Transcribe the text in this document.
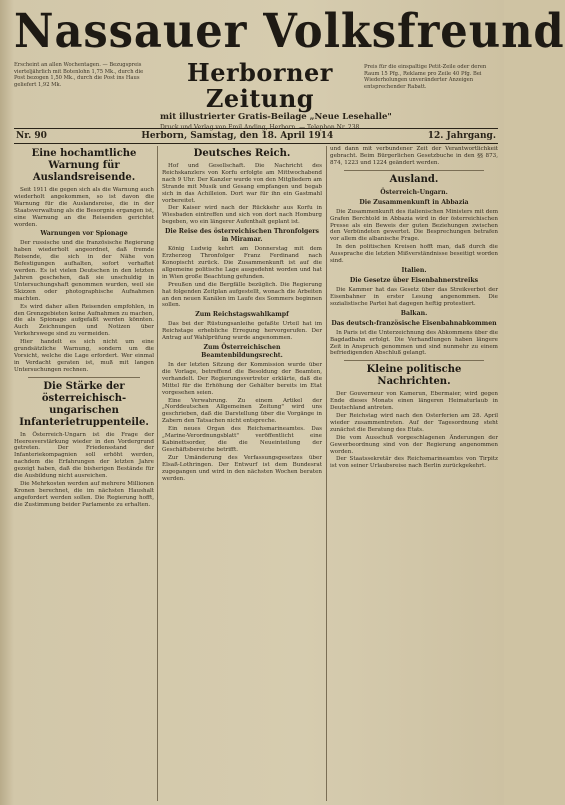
Nassauer Volksfreund
Erscheint an allen Wochentagen. — Bezugspreis vierteljährlich mit Botenlohn 1,75 Mk., durch die Post bezogen 1,50 Mk., durch die Post ins Haus geliefert 1,92 Mk.	Herborner Zeitung
mit illustrierter Gratis-Beilage „Neue Lesehalle"
Druck und Verlag von Emil Anding, Herborn. — Telephon Nr. 238.
Preis für die einspaltige Petit-Zeile oder deren Raum 15 Pfg., Reklame pro Zeile 40 Pfg. Bei Wiederholungen unveränderter Anzeigen entsprechender Rabatt.
Nr. 90	Herborn, Samstag, den 18. April 1914	12. Jahrgang.
Eine hochamtliche Warnung für Auslandsreisende.

Seit 1911 die gegen sich als die Warnung auch wiederholt angekommen, so ist davon die Warnung für die Auslandsreise, die in der Staatsverwaltung als die Besorgnis ergangen ist, eine Warnung an die Reisenden gerichtet worden.

Warnungen vor Spionage

Der russische und die französische Regierung haben wiederholt angeordnet, daß fremde Reisende, die sich in der Nähe von Befestigungen aufhalten, sofort verhaftet werden. Es ist vielen Deutschen in den letzten Jahren geschehen, daß sie unschuldig in Untersuchungshaft genommen wurden, weil sie Skizzen oder photographische Aufnahmen machten.

Es wird daher allen Reisenden empfohlen, in den Grenzgebieten keine Aufnahmen zu machen, die als Spionage aufgefaßt werden könnten. Auch Zeichnungen und Notizen über Verkehrswege sind zu vermeiden.

Hier handelt es sich nicht um eine grundsätzliche Warnung, sondern um die Vorsicht, welche die Lage erfordert. Wer einmal in Verdacht geraten ist, muß mit langen Untersuchungen rechnen.

Die Stärke der österreichisch-ungarischen Infanterietruppenteile.

In Österreich-Ungarn ist die Frage der Heeresverstärkung wieder in den Vordergrund getreten. Der Friedensstand der Infanteriekompagnien soll erhöht werden, nachdem die Erfahrungen der letzten Jahre gezeigt haben, daß die bisherigen Bestände für die Ausbildung nicht ausreichen.

Die Mehrkosten werden auf mehrere Millionen Kronen berechnet, die im nächsten Haushalt angefordert werden sollen. Die Regierung hofft, die Zustimmung beider Parlamente zu erhalten.

Deutsches Reich.

Hof und Gesellschaft. Die Nachricht des Reichskanzlers von Korfu erfolgte am Mittwochabend nach 9 Uhr. Der Kanzler wurde von den Mitgliedern am Strande mit Musik und Gesang empfangen und begab sich in das Achilleion. Dort war für ihn ein Gastmahl vorbereitet.

Der Kaiser wird nach der Rückkehr aus Korfu in Wiesbaden eintreffen und sich von dort nach Homburg begeben, wo ein längerer Aufenthalt geplant ist.

Die Reise des österreichischen Thronfolgers in Miramar.

König Ludwig kehrt am Donnerstag mit dem Erzherzog Thronfolger Franz Ferdinand nach Konopischt zurück. Die Zusammenkunft ist auf die allgemeine politische Lage ausgedehnt worden und hat in Wien große Beachtung gefunden.

Preußen und die Bergfälle bezüglich. Die Regierung hat folgenden Zeitplan aufgestellt, wonach die Arbeiten an den neuen Kanälen im Laufe des Sommers beginnen sollen.

Zum Reichstagswahlkampf

Das bei der Rüstungsanleihe gefaßte Urteil hat im Reichstage erhebliche Erregung hervorgerufen. Der Antrag auf Wahlprüfung wurde angenommen.

Zum Österreichischen Beamtenbildungsrecht.

In der letzten Sitzung der Kommission wurde über die Vorlage, betreffend die Besoldung der Beamten, verhandelt. Der Regierungsvertreter erklärte, daß die Mittel für die Erhöhung der Gehälter bereits im Etat vorgesehen seien.

Eine Verwahrung. Zu einem Artikel der „Norddeutschen Allgemeinen Zeitung" wird uns geschrieben, daß die Darstellung über die Vorgänge in Zabern den Tatsachen nicht entspreche.

Ein neues Organ des Reichsmarineamtes. Das „Marine-Verordnungsblatt" veröffentlicht eine Kabinettsorder, die die Neueinteilung der Geschäftsbereiche betrifft.

Zur Umänderung des Verfassungsgesetzes über Elsaß-Lothringen. Der Entwurf ist dem Bundesrat zugegangen und wird in den nächsten Wochen beraten werden.

und dann mit verbundener Zeit der Verantwortlichkeit gebracht. Beim Bürgerlichen Gesetzbuche in den §§ 873, 874, 1223 und 1224 geändert werden.
Ausland.
Österreich-Ungarn.
Die Zusammenkunft in Abbazia

Die Zusammenkunft des italienischen Ministers mit dem Grafen Berchtold in Abbazia wird in der österreichischen Presse als ein Beweis der guten Beziehungen zwischen den Verbündeten gewertet. Die Besprechungen betrafen vor allem die albanische Frage.

In den politischen Kreisen hofft man, daß durch die Aussprache die letzten Mißverständnisse beseitigt worden sind.

Italien.
Die Gesetze über Eisenbahnerstreiks

Die Kammer hat das Gesetz über das Streikverbot der Eisenbahner in erster Lesung angenommen. Die sozialistische Partei hat dagegen heftig protestiert.

Balkan.
Das deutsch-französische Eisenbahnabkommen

In Paris ist die Unterzeichnung des Abkommens über die Bagdadbahn erfolgt. Die Verhandlungen haben längere Zeit in Anspruch genommen und sind nunmehr zu einem befriedigenden Abschluß gelangt.

Kleine politische Nachrichten.

Der Gouverneur von Kamerun, Ebermaier, wird gegen Ende dieses Monats einen längeren Heimaturlaub in Deutschland antreten.

Der Reichstag wird nach den Osterferien am 28. April wieder zusammentreten. Auf der Tagesordnung steht zunächst die Beratung des Etats.

Die vom Ausschuß vorgeschlagenen Änderungen der Gewerbeordnung sind von der Regierung angenommen worden.

Der Staatssekretär des Reichsmarineamtes von Tirpitz ist von seiner Urlaubsreise nach Berlin zurückgekehrt.
